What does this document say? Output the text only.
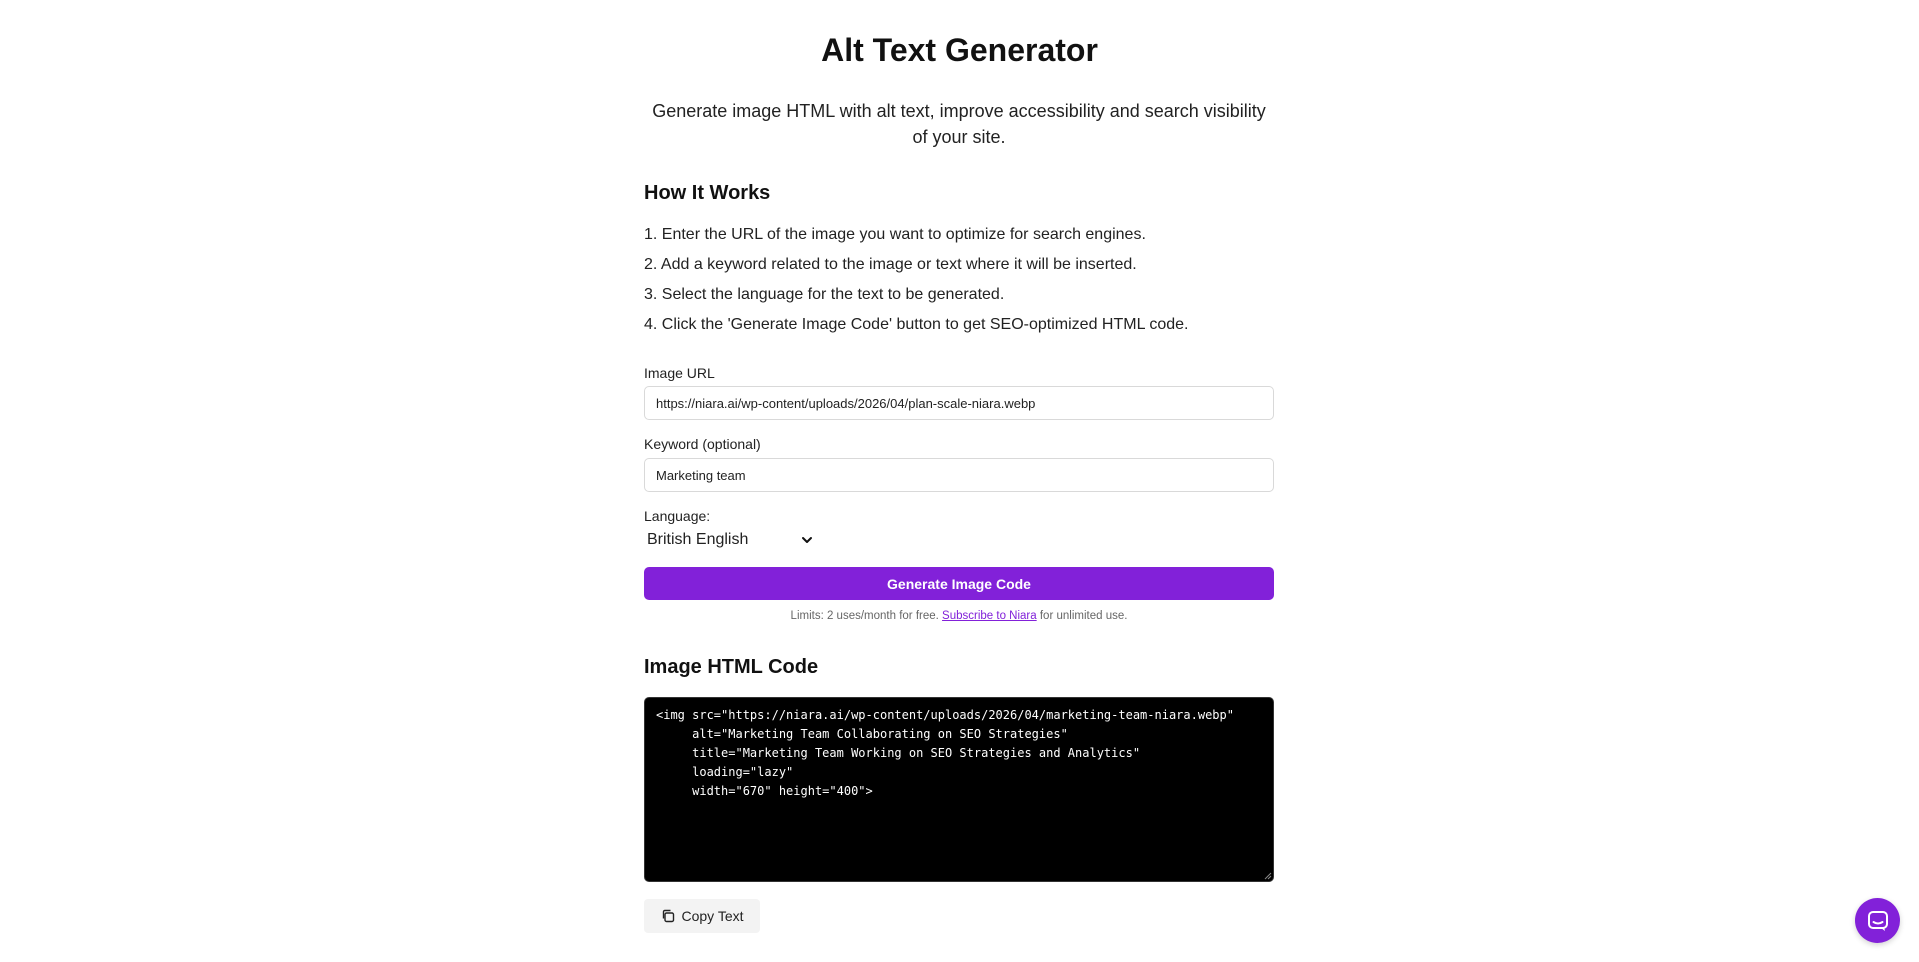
Alt Text Generator

Generate image HTML with alt text, improve accessibility and search visibility of your site.

How It Works
1. Enter the URL of the image you want to optimize for search engines.
2. Add a keyword related to the image or text where it will be inserted.
3. Select the language for the text to be generated.
4. Click the 'Generate Image Code' button to get SEO-optimized HTML code.
Image URL
https://niara.ai/wp-content/uploads/2026/04/plan-scale-niara.webp
Keyword (optional)
Marketing team
Language:
British English
Generate Image Code
Limits: 2 uses/month for free. Subscribe to Niara for unlimited use.
Image HTML Code
<img src="https://niara.ai/wp-content/uploads/2026/04/marketing-team-niara.webp"
alt="Marketing Team Collaborating on SEO Strategies"
title="Marketing Team Working on SEO Strategies and Analytics"
loading="lazy"
width="670" height="400">
Copy Text
